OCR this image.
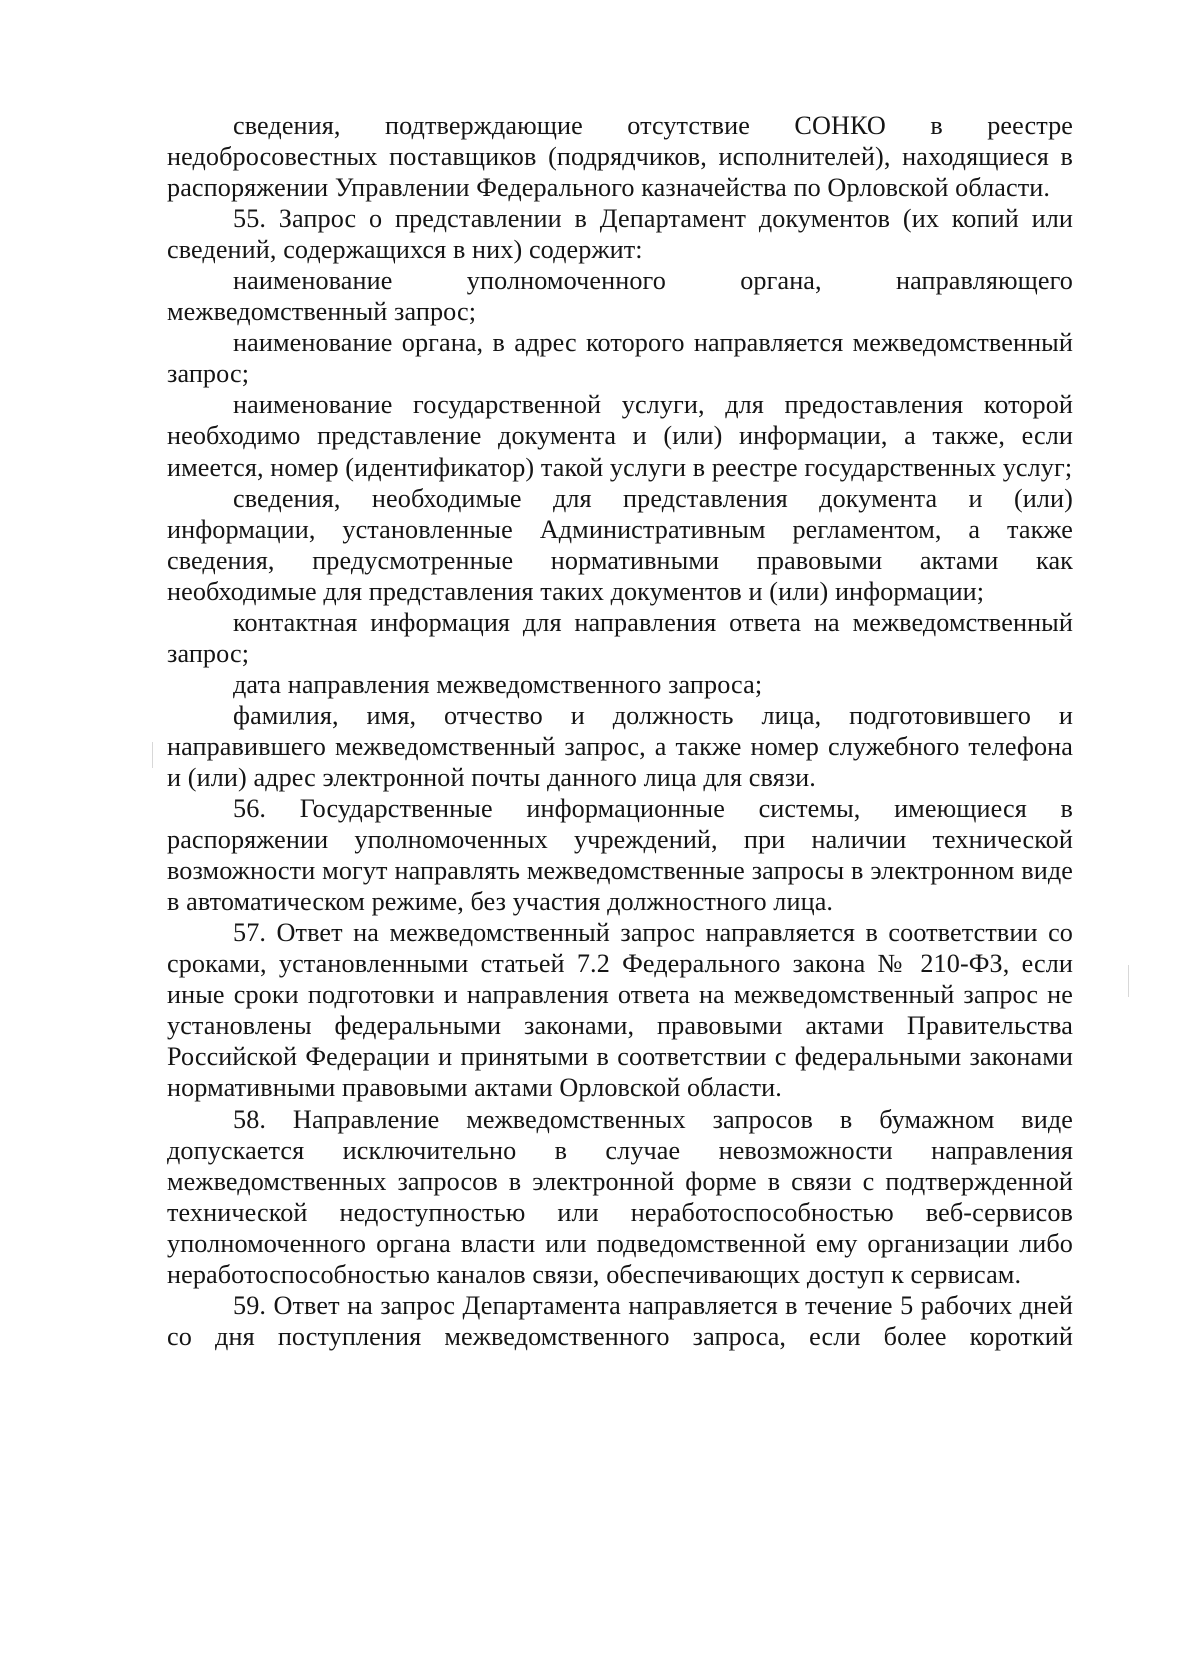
сведения, подтверждающие отсутствие СОНКО в реестре недобросовестных поставщиков (подрядчиков, исполнителей), находящиеся в распоряжении Управлении Федерального казначейства по Орловской области.

55. Запрос о представлении в Департамент документов (их копий или сведений, содержащихся в них) содержит:

наименование уполномоченного органа, направляющего межведомственный запрос;

наименование органа, в адрес которого направляется межведомственный запрос;

наименование государственной услуги, для предоставления которой необходимо представление документа и (или) информации, а также, если имеется, номер (идентификатор) такой услуги в реестре государственных услуг;

сведения, необходимые для представления документа и (или) информации, установленные Административным регламентом, а также сведения, предусмотренные нормативными правовыми актами как необходимые для представления таких документов и (или) информации;

контактная информация для направления ответа на межведомственный запрос;

дата направления межведомственного запроса;

фамилия, имя, отчество и должность лица, подготовившего и направившего межведомственный запрос, а также номер служебного телефона и (или) адрес электронной почты данного лица для связи.

56. Государственные информационные системы, имеющиеся в распоряжении уполномоченных учреждений, при наличии технической возможности могут направлять межведомственные запросы в электронном виде в автоматическом режиме, без участия должностного лица.

57. Ответ на межведомственный запрос направляется в соответствии со сроками, установленными статьей 7.2 Федерального закона № 210-ФЗ, если иные сроки подготовки и направления ответа на межведомственный запрос не установлены федеральными законами, правовыми актами Правительства Российской Федерации и принятыми в соответствии с федеральными законами нормативными правовыми актами Орловской области.

58. Направление межведомственных запросов в бумажном виде допускается исключительно в случае невозможности направления межведомственных запросов в электронной форме в связи с подтвержденной технической недоступностью или неработоспособностью веб-сервисов уполномоченного органа власти или подведомственной ему организации либо неработоспособностью каналов связи, обеспечивающих доступ к сервисам.

59. Ответ на запрос Департамента направляется в течение 5 рабочих дней со дня поступления межведомственного запроса, если более короткий
